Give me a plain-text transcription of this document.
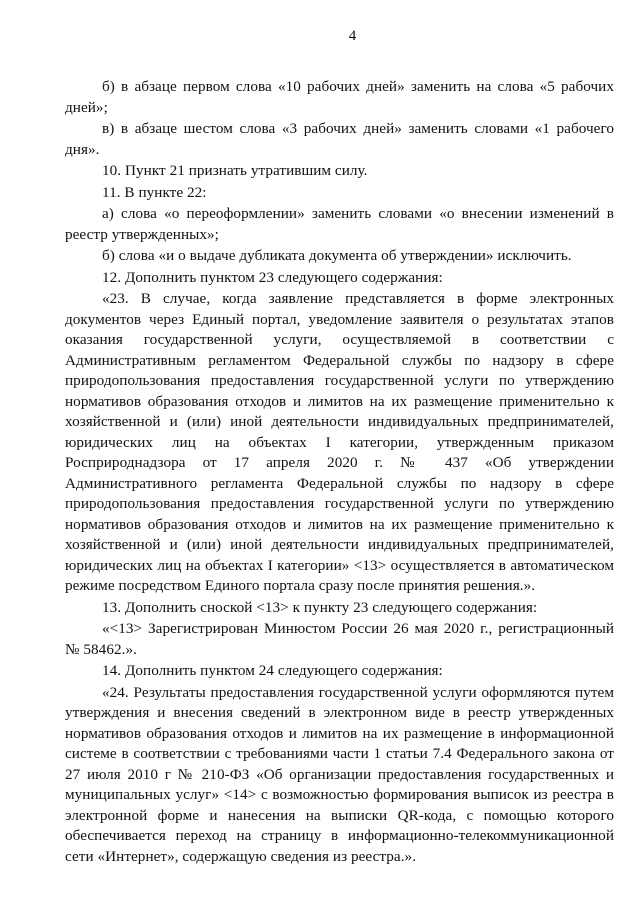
4

б) в абзаце первом слова «10 рабочих дней» заменить на слова «5 рабочих дней»;

в) в абзаце шестом слова «3 рабочих дней» заменить словами «1 рабочего дня».

10. Пункт 21 признать утратившим силу.

11. В пункте 22:

а) слова «о переоформлении» заменить словами «о внесении изменений в реестр утвержденных»;

б) слова «и о выдаче дубликата документа об утверждении» исключить.

12. Дополнить пунктом 23 следующего содержания:

«23. В случае, когда заявление представляется в форме электронных документов через Единый портал, уведомление заявителя о результатах этапов оказания государственной услуги, осуществляемой в соответствии с Административным регламентом Федеральной службы по надзору в сфере природопользования предоставления государственной услуги по утверждению нормативов образования отходов и лимитов на их размещение применительно к хозяйственной и (или) иной деятельности индивидуальных предпринимателей, юридических лиц на объектах I категории, утвержденным приказом Росприроднадзора от 17 апреля 2020 г. № 437 «Об утверждении Административного регламента Федеральной службы по надзору в сфере природопользования предоставления государственной услуги по утверждению нормативов образования отходов и лимитов на их размещение применительно к хозяйственной и (или) иной деятельности индивидуальных предпринимателей, юридических лиц на объектах I категории» <13> осуществляется в автоматическом режиме посредством Единого портала сразу после принятия решения.».

13. Дополнить сноской <13> к пункту 23 следующего содержания:

«<13> Зарегистрирован Минюстом России 26 мая 2020 г., регистрационный № 58462.».

14. Дополнить пунктом 24 следующего содержания:

«24. Результаты предоставления государственной услуги оформляются путем утверждения и внесения сведений в электронном виде в реестр утвержденных нормативов образования отходов и лимитов на их размещение в информационной системе в соответствии с требованиями части 1 статьи 7.4 Федерального закона от 27 июля 2010 г № 210-ФЗ «Об организации предоставления государственных и муниципальных услуг» <14> с возможностью формирования выписок из реестра в электронной форме и нанесения на выписки QR-кода, с помощью которого обеспечивается переход на страницу в информационно-телекоммуникационной сети «Интернет», содержащую сведения из реестра.».
